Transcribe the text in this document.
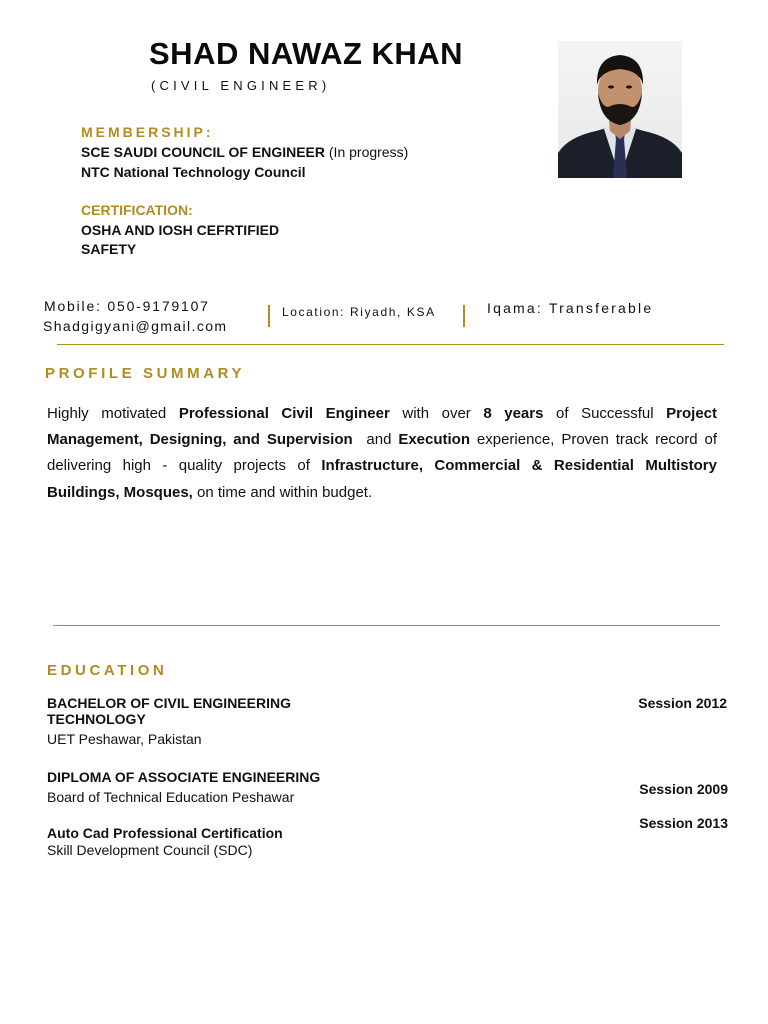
SHAD NAWAZ KHAN
(CIVIL ENGINEER)
MEMBERSHIP:
SCE SAUDI COUNCIL OF ENGINEER (In progress)
NTC National Technology Council
CERTIFICATION:
OSHA AND IOSH CEFRTIFIED
SAFETY
Mobile: 050-9179107
Shadgigyani@gmail.com
Location: Riyadh, KSA	Iqama: Transferable
PROFILE SUMMARY
Highly motivated Professional Civil Engineer with over 8 years of Successful Project Management, Designing, and Supervision  and Execution experience, Proven track record of delivering high - quality projects of Infrastructure, Commercial & Residential Multistory Buildings, Mosques, on time and within budget.
EDUCATION
BACHELOR OF CIVIL ENGINEERING
TECHNOLOGY
UET Peshawar, Pakistan
Session 2012
DIPLOMA OF ASSOCIATE ENGINEERING
Board of Technical Education Peshawar	Session 2009
Auto Cad Professional Certification
Skill Development Council (SDC)
Session 2013
